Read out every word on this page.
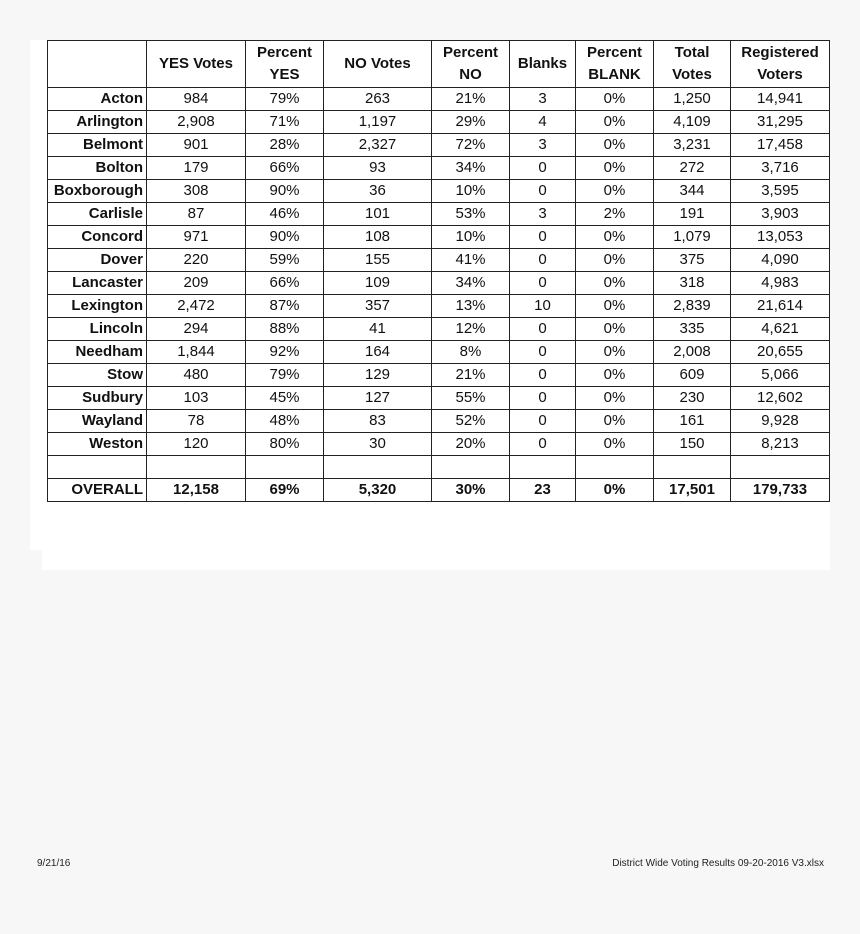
	YES Votes	Percent YES	NO Votes	Percent NO	Blanks	Percent BLANK	Total Votes	Registered Voters
Acton	984	79%	263	21%	3	0%	1,250	14,941
Arlington	2,908	71%	1,197	29%	4	0%	4,109	31,295
Belmont	901	28%	2,327	72%	3	0%	3,231	17,458
Bolton	179	66%	93	34%	0	0%	272	3,716
Boxborough	308	90%	36	10%	0	0%	344	3,595
Carlisle	87	46%	101	53%	3	2%	191	3,903
Concord	971	90%	108	10%	0	0%	1,079	13,053
Dover	220	59%	155	41%	0	0%	375	4,090
Lancaster	209	66%	109	34%	0	0%	318	4,983
Lexington	2,472	87%	357	13%	10	0%	2,839	21,614
Lincoln	294	88%	41	12%	0	0%	335	4,621
Needham	1,844	92%	164	8%	0	0%	2,008	20,655
Stow	480	79%	129	21%	0	0%	609	5,066
Sudbury	103	45%	127	55%	0	0%	230	12,602
Wayland	78	48%	83	52%	0	0%	161	9,928
Weston	120	80%	30	20%	0	0%	150	8,213

OVERALL	12,158	69%	5,320	30%	23	0%	17,501	179,733
9/21/16	District Wide Voting Results 09-20-2016 V3.xlsx
